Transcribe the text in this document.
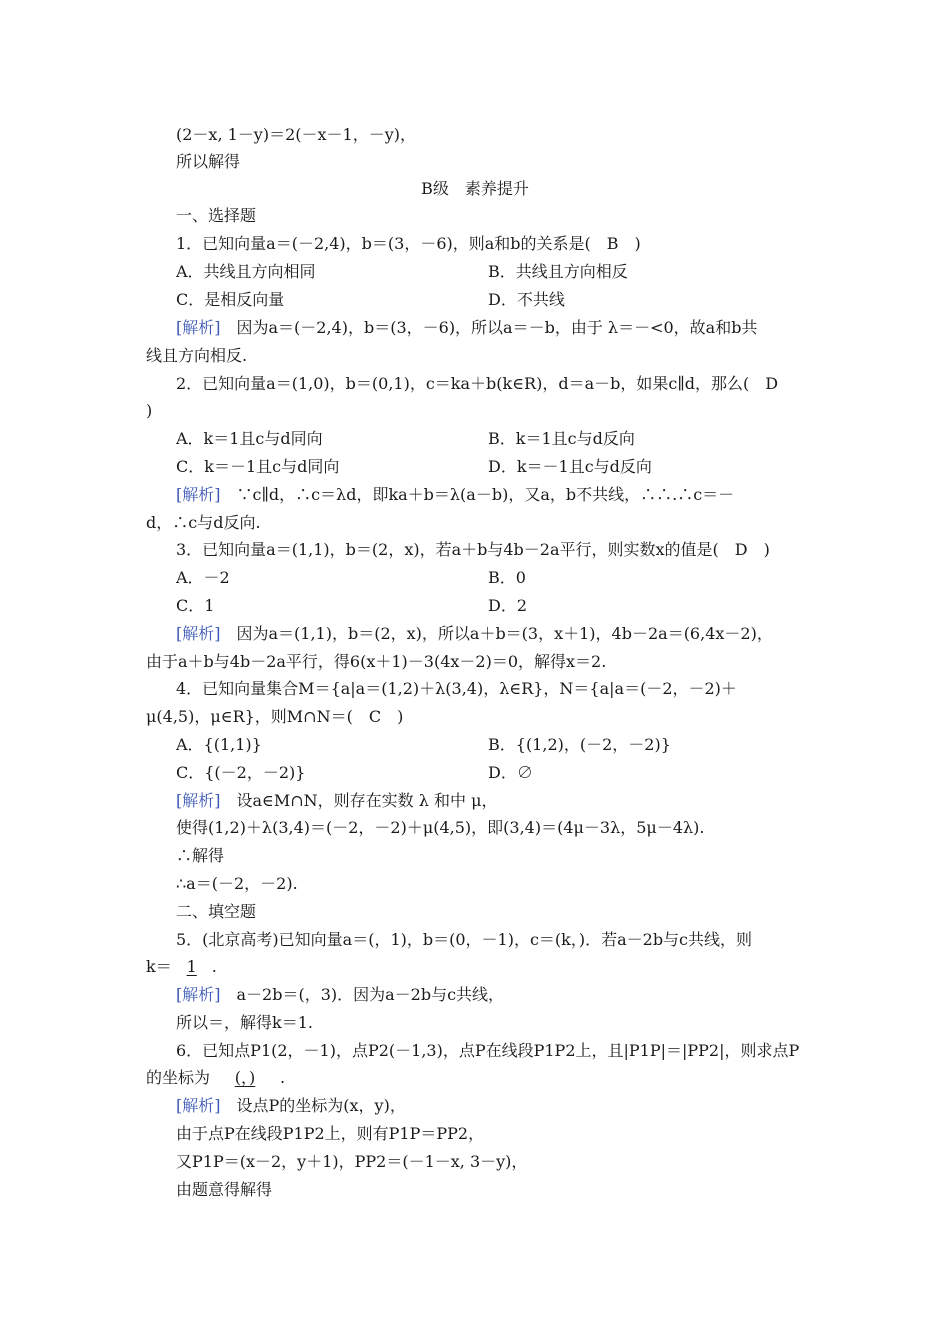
(2－x, 1－y)＝2(－x－1，－y)，
所以解得
B级　素养提升
一、选择题
1．已知向量a＝(－2,4)，b＝(3，－6)，则a和b的关系是(　B　)
A．共线且方向相同	B．共线且方向相反
C．是相反向量	D．不共线
[解析]　因为a＝(－2,4)，b＝(3，－6)，所以a＝－b，由于 λ＝－<0，故a和b共
线且方向相反.
2．已知向量a＝(1,0)，b＝(0,1)，c＝ka＋b(k∈R)，d＝a－b，如果c∥d，那么(　D
)
A．k＝1且c与d同向	B．k＝1且c与d反向
C．k＝－1且c与d同向	D．k＝－1且c与d反向
[解析]　∵c∥d，∴c＝λd，即ka＋b＝λ(a－b)，又a，b不共线，∴∴.∴c＝－
d，∴c与d反向.
3．已知向量a＝(1,1)，b＝(2，x)，若a＋b与4b－2a平行，则实数x的值是(　D　)
A．－2	B．0
C．1	D．2
[解析]　因为a＝(1,1)，b＝(2，x)，所以a＋b＝(3，x＋1)，4b－2a＝(6,4x－2)，
由于a＋b与4b－2a平行，得6(x＋1)－3(4x－2)＝0，解得x＝2.
4．已知向量集合M＝{a|a＝(1,2)＋λ(3,4)，λ∈R}，N＝{a|a＝(－2，－2)＋
μ(4,5)，μ∈R}，则M∩N＝(　C　)
A．{(1,1)}	B．{(1,2)，(－2，－2)}
C．{(－2，－2)}	D．∅
[解析]　设a∈M∩N，则存在实数 λ 和中 μ，
使得(1,2)＋λ(3,4)＝(－2，－2)＋μ(4,5)，即(3,4)＝(4μ－3λ，5μ－4λ).
∴解得
∴a＝(－2，－2).
二、填空题
5．(北京高考)已知向量a＝(，1)，b＝(0，－1)，c＝(k，)．若a－2b与c共线，则
k＝ 1 .
[解析]　a－2b＝(，3)．因为a－2b与c共线，
所以＝，解得k＝1.
6．已知点P1(2，－1)，点P2(－1,3)，点P在线段P1P2上，且|P1P|＝|PP2|，则求点P
的坐标为 (，) .
[解析]　设点P的坐标为(x，y)，
由于点P在线段P1P2上，则有P1P＝PP2，
又P1P＝(x－2，y＋1)，PP2＝(－1－x, 3－y)，
由题意得解得
